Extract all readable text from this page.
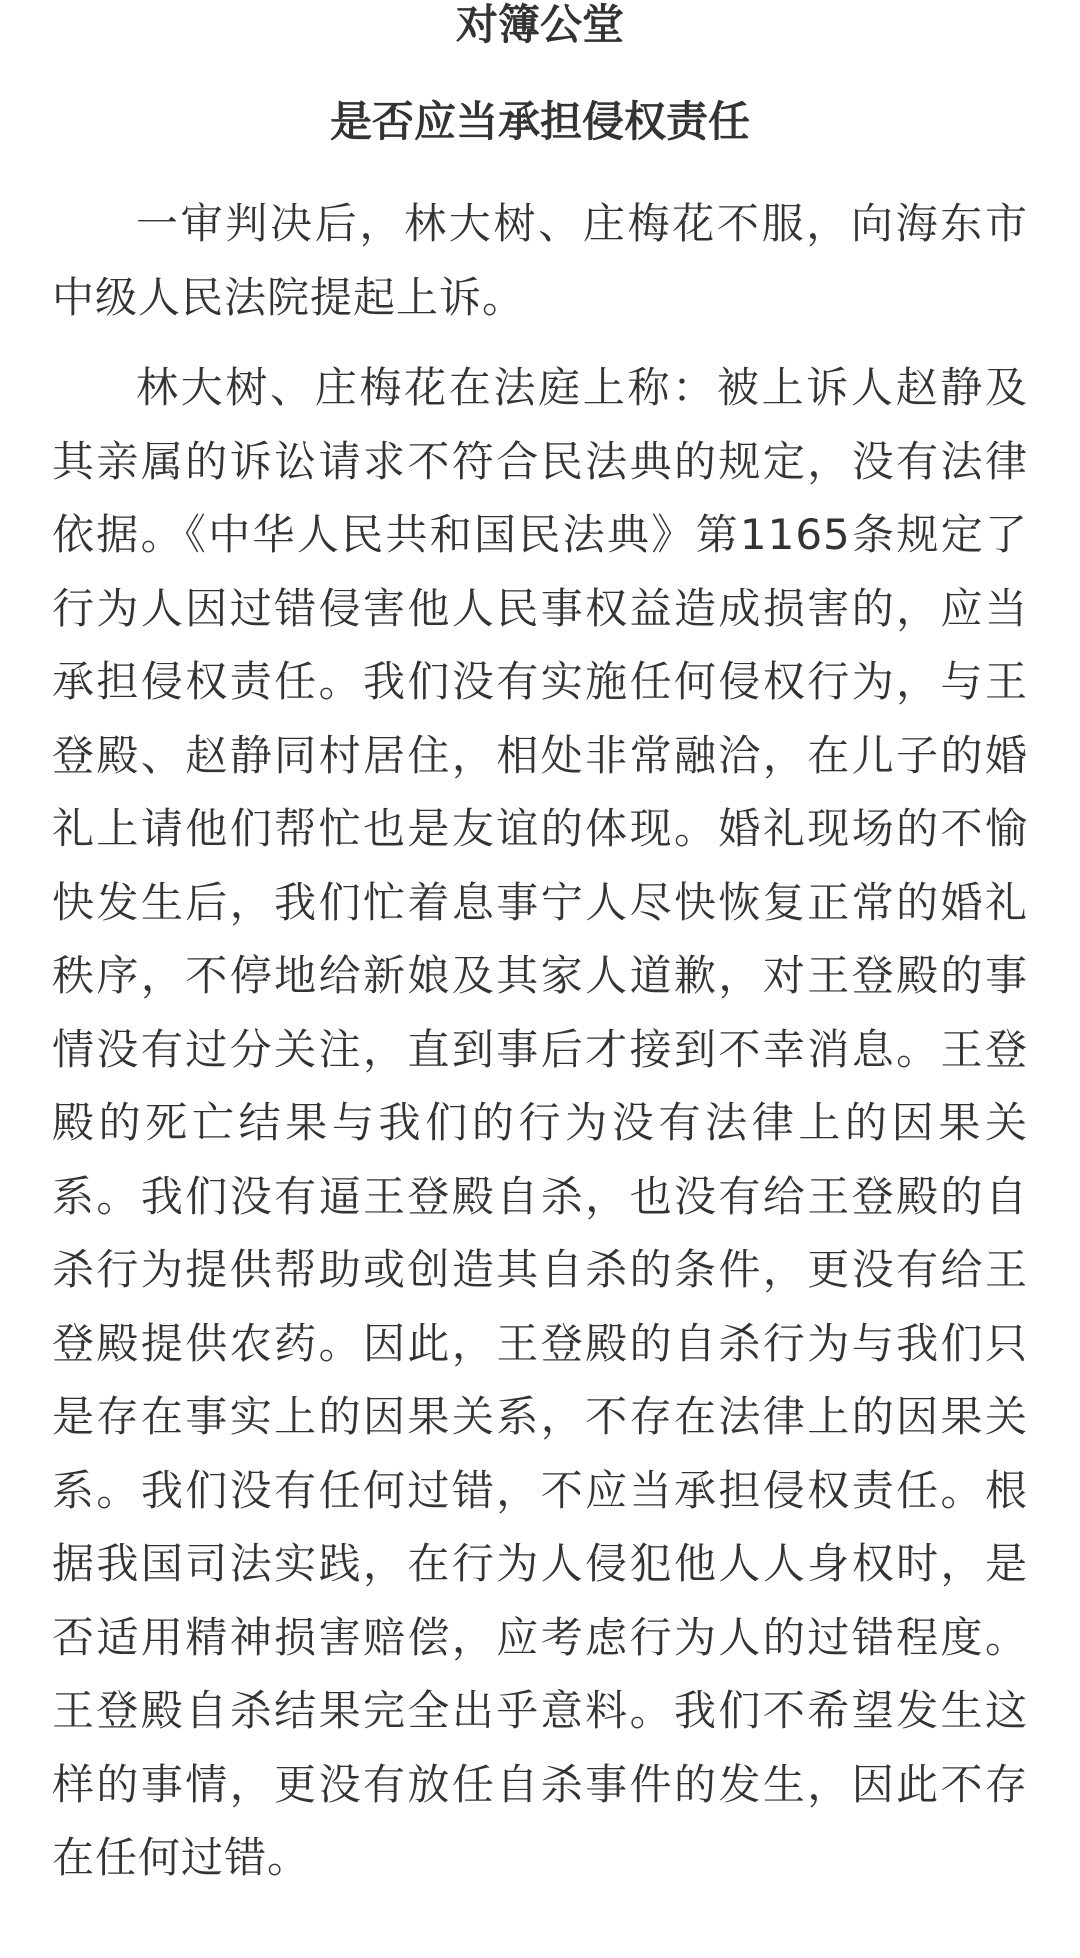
对簿公堂
是否应当承担侵权责任

一审判决后，林大树、庄梅花不服，向海东市中级人民法院提起上诉。

林大树、庄梅花在法庭上称：被上诉人赵静及其亲属的诉讼请求不符合民法典的规定，没有法律依据。《中华人民共和国民法典》第1165条规定了行为人因过错侵害他人民事权益造成损害的，应当承担侵权责任。我们没有实施任何侵权行为，与王登殿、赵静同村居住，相处非常融洽，在儿子的婚礼上请他们帮忙也是友谊的体现。婚礼现场的不愉快发生后，我们忙着息事宁人尽快恢复正常的婚礼秩序，不停地给新娘及其家人道歉，对王登殿的事情没有过分关注，直到事后才接到不幸消息。王登殿的死亡结果与我们的行为没有法律上的因果关系。我们没有逼王登殿自杀，也没有给王登殿的自杀行为提供帮助或创造其自杀的条件，更没有给王登殿提供农药。因此，王登殿的自杀行为与我们只是存在事实上的因果关系，不存在法律上的因果关系。我们没有任何过错，不应当承担侵权责任。根据我国司法实践，在行为人侵犯他人人身权时，是否适用精神损害赔偿，应考虑行为人的过错程度。王登殿自杀结果完全出乎意料。我们不希望发生这样的事情，更没有放任自杀事件的发生，因此不存在任何过错。
